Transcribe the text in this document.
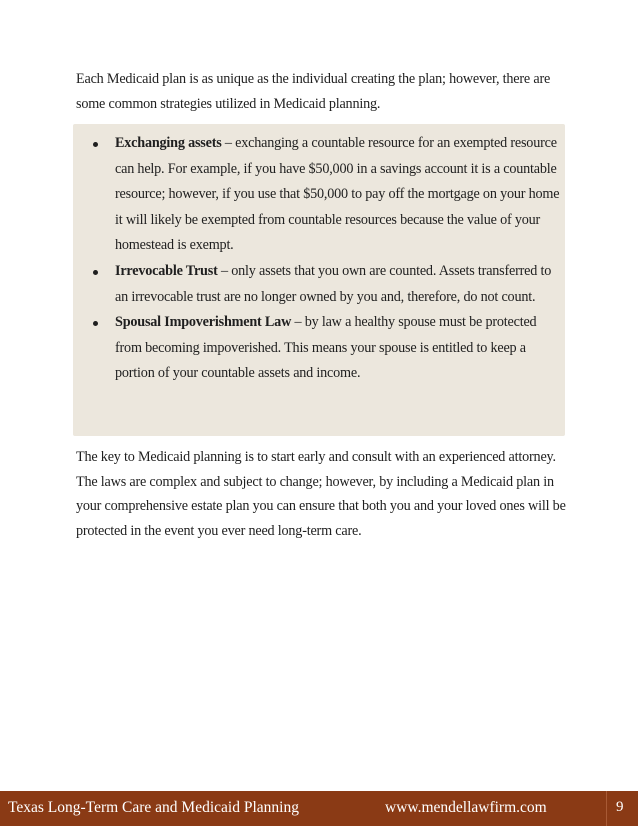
Each Medicaid plan is as unique as the individual creating the plan; however, there are some common strategies utilized in Medicaid planning.

Exchanging assets – exchanging a countable resource for an exempted resource can help. For example, if you have $50,000 in a savings account it is a countable resource; however, if you use that $50,000 to pay off the mortgage on your home it will likely be exempted from countable resources because the value of your homestead is exempt.
Irrevocable Trust – only assets that you own are counted. Assets transferred to an irrevocable trust are no longer owned by you and, therefore, do not count.
Spousal Impoverishment Law – by law a healthy spouse must be protected from becoming impoverished. This means your spouse is entitled to keep a portion of your countable assets and income.

The key to Medicaid planning is to start early and consult with an experienced attorney. The laws are complex and subject to change; however, by including a Medicaid plan in your comprehensive estate plan you can ensure that both you and your loved ones will be protected in the event you ever need long-term care.

Texas Long-Term Care and Medicaid Planning	www.mendellawfirm.com	9
